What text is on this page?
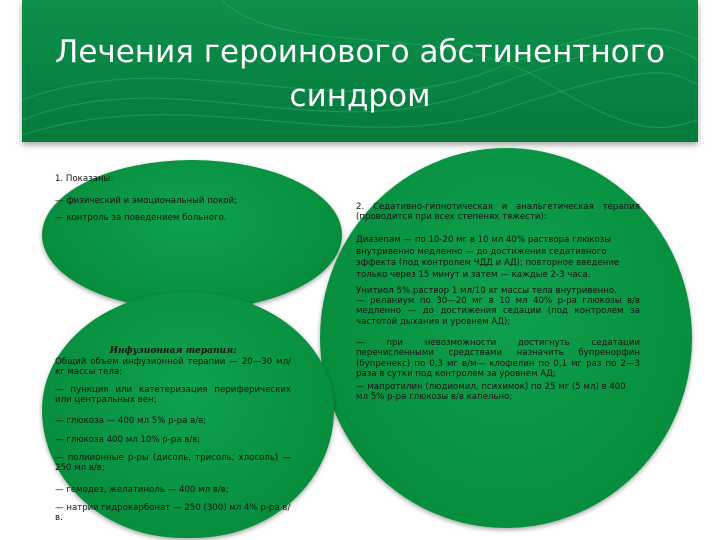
Лечения героинового абстинентного синдром
1. Показаны:
— физический и эмоциональный покой;
— контроль за поведением больного.
2. Седативно-гипнотическая и анальгетическая терапия (проводится при всех степенях тяжести):
Диазепам — по 10-20 мг в 10 мл 40% раствора глюкозы внутривенно медленно — до достижения седативного эффекта (под контролем ЧДД и АД); повторное введение только через 15 минут и затем — каждые 2-3 часа.
Унитиол 5% раствор 1 мл/10 кг массы тела внутривенно.
— реланиум по 30—20 мг в 10 мл 40% р-ра глюкозы в/в медленно — до достижения седации (под контролем за частотой дыхания и уровнем АД);
— при невозможности достигнуть седатации перечисленными средствами назначить бупренорфин (бупренекс) по 0,3 мг в/м— клофелин по 0,1 мг раз по 2—3 раза в сутки под контролем за уровнем АД;
— мапротилин (людиомил, психимок) по 25 мг (5 мл) в 400 мл 5% р-ра глюкозы в/в капельно;
Инфузионная терапия:
Общий объем инфузионной терапии — 20—30 мл/кг массы тела:
— пункция или катетеризация периферических или центральных вен;
— глюкоза — 400 мл 5% р-ра в/в;
— глюкоза 400 мл 10% р-ра в/в;
— полиионные р-ры (дисоль, трисоль, хлосоль) — 250 мл в/в;
— гемодез, желатиноль — 400 мл в/в;
— натрия гидрокарбонат — 250 (300) мл 4% р-ра в/в.
